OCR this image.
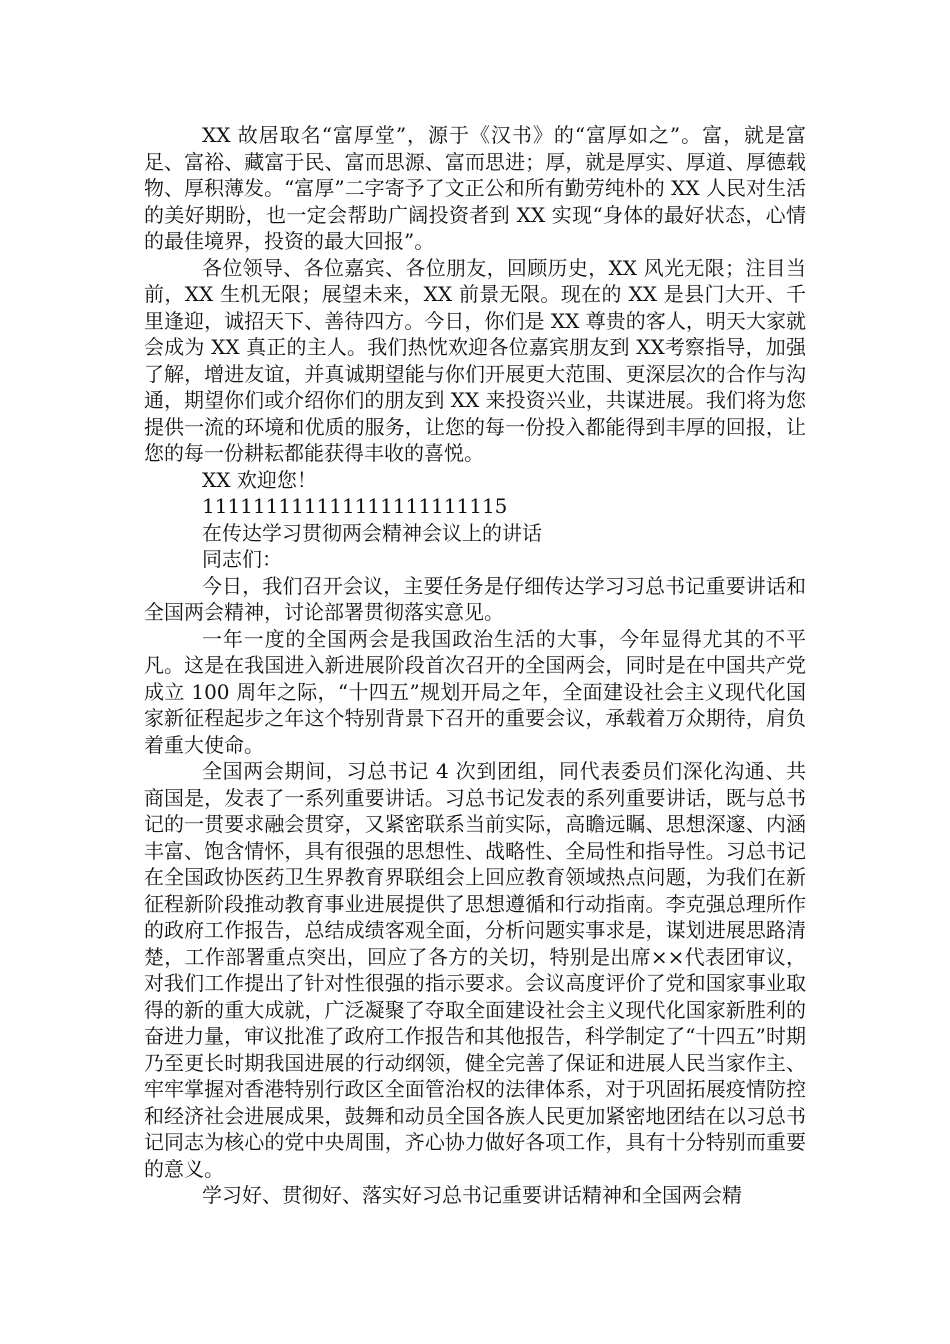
XX 故居取名“富厚堂”，源于《汉书》的“富厚如之”。富，就是富足、富裕、藏富于民、富而思源、富而思进；厚，就是厚实、厚道、厚德载物、厚积薄发。“富厚”二字寄予了文正公和所有勤劳纯朴的 XX 人民对生活的美好期盼，也一定会帮助广阔投资者到 XX 实现“身体的最好状态，心情的最佳境界，投资的最大回报”。

各位领导、各位嘉宾、各位朋友，回顾历史，XX 风光无限；注目当前，XX 生机无限；展望未来，XX 前景无限。现在的 XX 是县门大开、千里逢迎，诚招天下、善待四方。今日，你们是 XX 尊贵的客人，明天大家就会成为 XX 真正的主人。我们热忱欢迎各位嘉宾朋友到 XX考察指导，加强了解，增进友谊，并真诚期望能与你们开展更大范围、更深层次的合作与沟通，期望你们或介绍你们的朋友到 XX 来投资兴业，共谋进展。我们将为您提供一流的环境和优质的服务，让您的每一份投入都能得到丰厚的回报，让您的每一份耕耘都能获得丰收的喜悦。

XX 欢迎您！

111111111111111111111115

在传达学习贯彻两会精神会议上的讲话

同志们：

今日，我们召开会议，主要任务是仔细传达学习习总书记重要讲话和全国两会精神，讨论部署贯彻落实意见。

一年一度的全国两会是我国政治生活的大事，今年显得尤其的不平凡。这是在我国进入新进展阶段首次召开的全国两会，同时是在中国共产党成立 100 周年之际，“十四五”规划开局之年，全面建设社会主义现代化国家新征程起步之年这个特别背景下召开的重要会议，承载着万众期待，肩负着重大使命。

全国两会期间，习总书记 4 次到团组，同代表委员们深化沟通、共商国是，发表了一系列重要讲话。习总书记发表的系列重要讲话，既与总书记的一贯要求融会贯穿，又紧密联系当前实际，高瞻远瞩、思想深邃、内涵丰富、饱含情怀，具有很强的思想性、战略性、全局性和指导性。习总书记在全国政协医药卫生界教育界联组会上回应教育领域热点问题，为我们在新征程新阶段推动教育事业进展提供了思想遵循和行动指南。李克强总理所作的政府工作报告，总结成绩客观全面，分析问题实事求是，谋划进展思路清楚，工作部署重点突出，回应了各方的关切，特别是出席××代表团审议，对我们工作提出了针对性很强的指示要求。会议高度评价了党和国家事业取得的新的重大成就，广泛凝聚了夺取全面建设社会主义现代化国家新胜利的奋进力量，审议批准了政府工作报告和其他报告，科学制定了“十四五”时期乃至更长时期我国进展的行动纲领，健全完善了保证和进展人民当家作主、牢牢掌握对香港特别行政区全面管治权的法律体系，对于巩固拓展疫情防控和经济社会进展成果，鼓舞和动员全国各族人民更加紧密地团结在以习总书记同志为核心的党中央周围，齐心协力做好各项工作，具有十分特别而重要的意义。

学习好、贯彻好、落实好习总书记重要讲话精神和全国两会精
